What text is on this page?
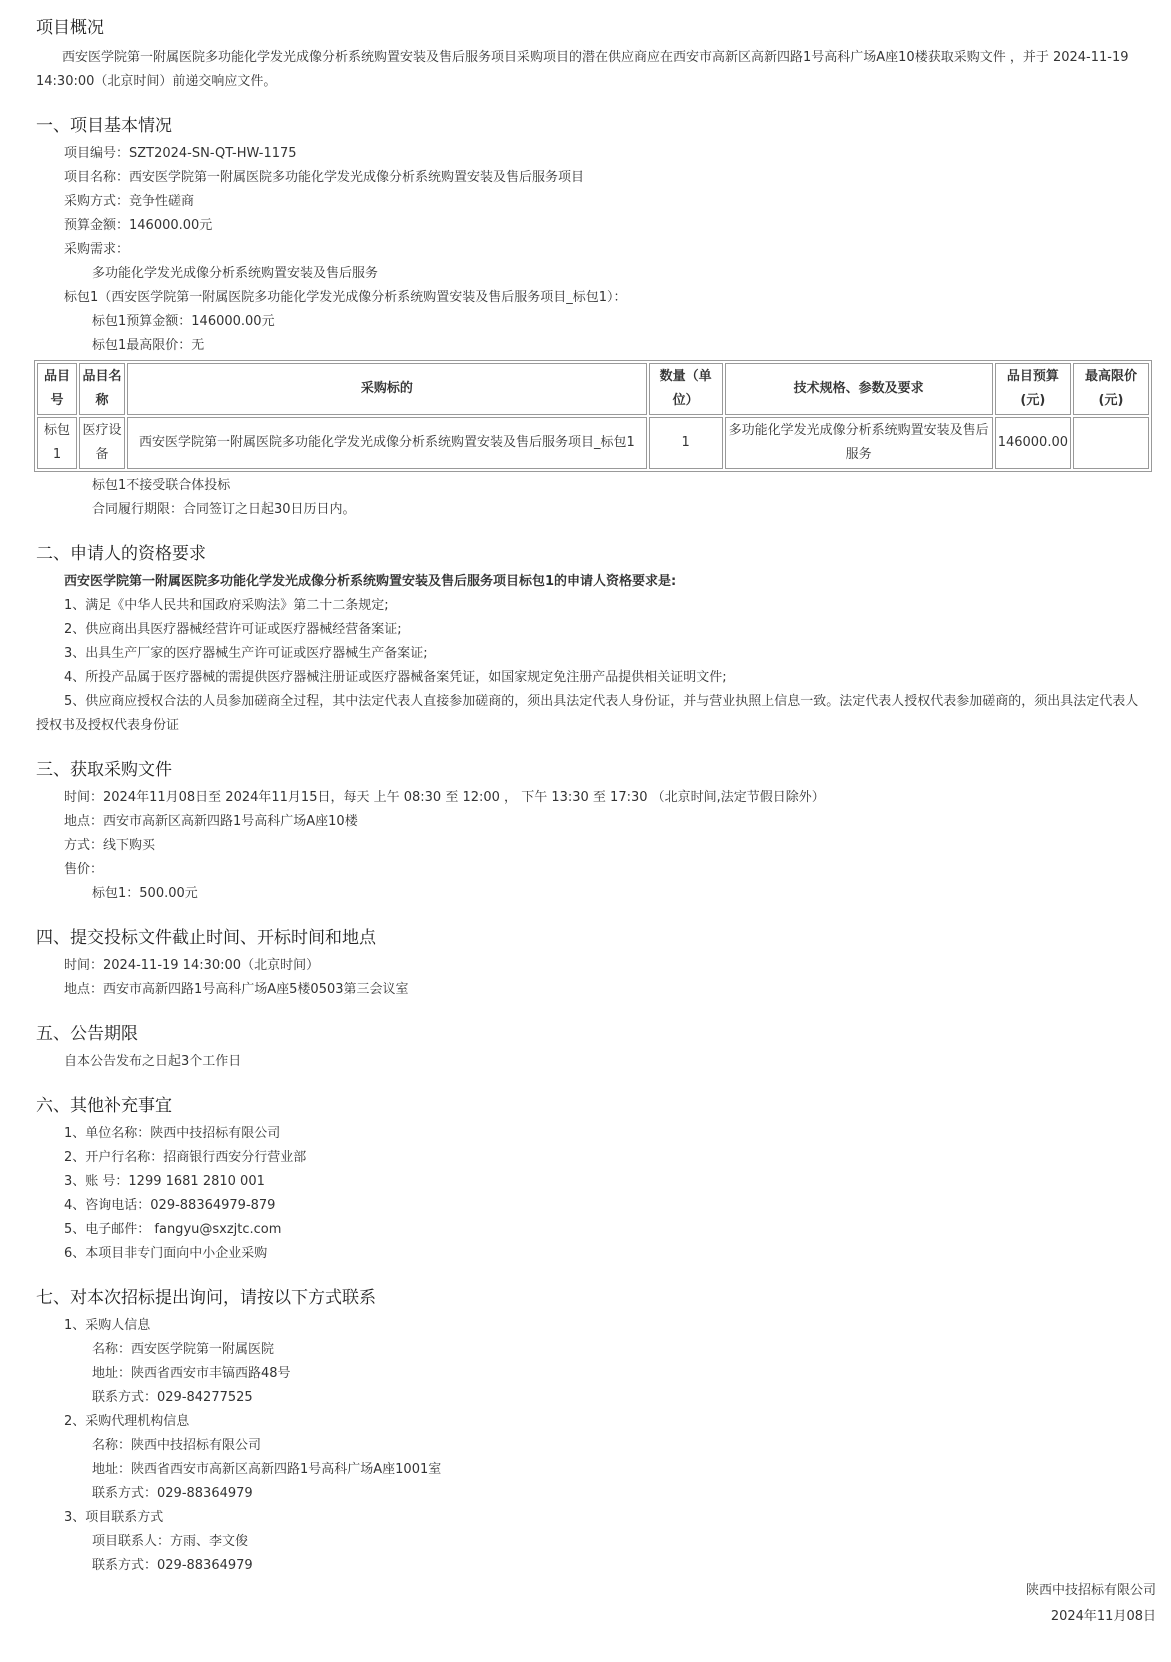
项目概况

西安医学院第一附属医院多功能化学发光成像分析系统购置安装及售后服务项目采购项目的潜在供应商应在西安市高新区高新四路1号高科广场A座10楼获取采购文件 ，并于 2024-11-19 14:30:00（北京时间）前递交响应文件。

一、项目基本情况
项目编号：SZT2024-SN-QT-HW-1175
项目名称：西安医学院第一附属医院多功能化学发光成像分析系统购置安装及售后服务项目
采购方式：竞争性磋商
预算金额：146000.00元
采购需求：
多功能化学发光成像分析系统购置安装及售后服务
标包1（西安医学院第一附属医院多功能化学发光成像分析系统购置安装及售后服务项目_标包1）：
标包1预算金额：146000.00元
标包1最高限价：无
品目号	品目名称	采购标的	数量（单位）	技术规格、参数及要求	品目预算(元)	最高限价(元)
标包1	医疗设备	西安医学院第一附属医院多功能化学发光成像分析系统购置安装及售后服务项目_标包1	1	多功能化学发光成像分析系统购置安装及售后服务	146000.00	
标包1不接受联合体投标
合同履行期限：合同签订之日起30日历日内。
二、申请人的资格要求
西安医学院第一附属医院多功能化学发光成像分析系统购置安装及售后服务项目标包1的申请人资格要求是:
1、满足《中华人民共和国政府采购法》第二十二条规定;
2、供应商出具医疗器械经营许可证或医疗器械经营备案证;
3、出具生产厂家的医疗器械生产许可证或医疗器械生产备案证;
4、所投产品属于医疗器械的需提供医疗器械注册证或医疗器械备案凭证，如国家规定免注册产品提供相关证明文件;
5、供应商应授权合法的人员参加磋商全过程，其中法定代表人直接参加磋商的，须出具法定代表人身份证，并与营业执照上信息一致。法定代表人授权代表参加磋商的，须出具法定代表人授权书及授权代表身份证
三、获取采购文件
时间：2024年11月08日至 2024年11月15日，每天 上午 08:30 至 12:00 ， 下午 13:30 至 17:30 （北京时间,法定节假日除外）
地点：西安市高新区高新四路1号高科广场A座10楼
方式：线下购买
售价：
标包1：500.00元
四、提交投标文件截止时间、开标时间和地点
时间：2024-11-19 14:30:00（北京时间）
地点：西安市高新四路1号高科广场A座5楼0503第三会议室
五、公告期限
自本公告发布之日起3个工作日
六、其他补充事宜
1、单位名称：陕西中技招标有限公司
2、开户行名称：招商银行西安分行营业部
3、账 号：1299 1681 2810 001
4、咨询电话：029-88364979-879
5、电子邮件： fangyu@sxzjtc.com
6、本项目非专门面向中小企业采购
七、对本次招标提出询问，请按以下方式联系
1、采购人信息
名称：西安医学院第一附属医院
地址：陕西省西安市丰镐西路48号
联系方式：029-84277525
2、采购代理机构信息
名称：陕西中技招标有限公司
地址：陕西省西安市高新区高新四路1号高科广场A座1001室
联系方式：029-88364979
3、项目联系方式
项目联系人：方雨、李文俊
联系方式：029-88364979
陕西中技招标有限公司
2024年11月08日
